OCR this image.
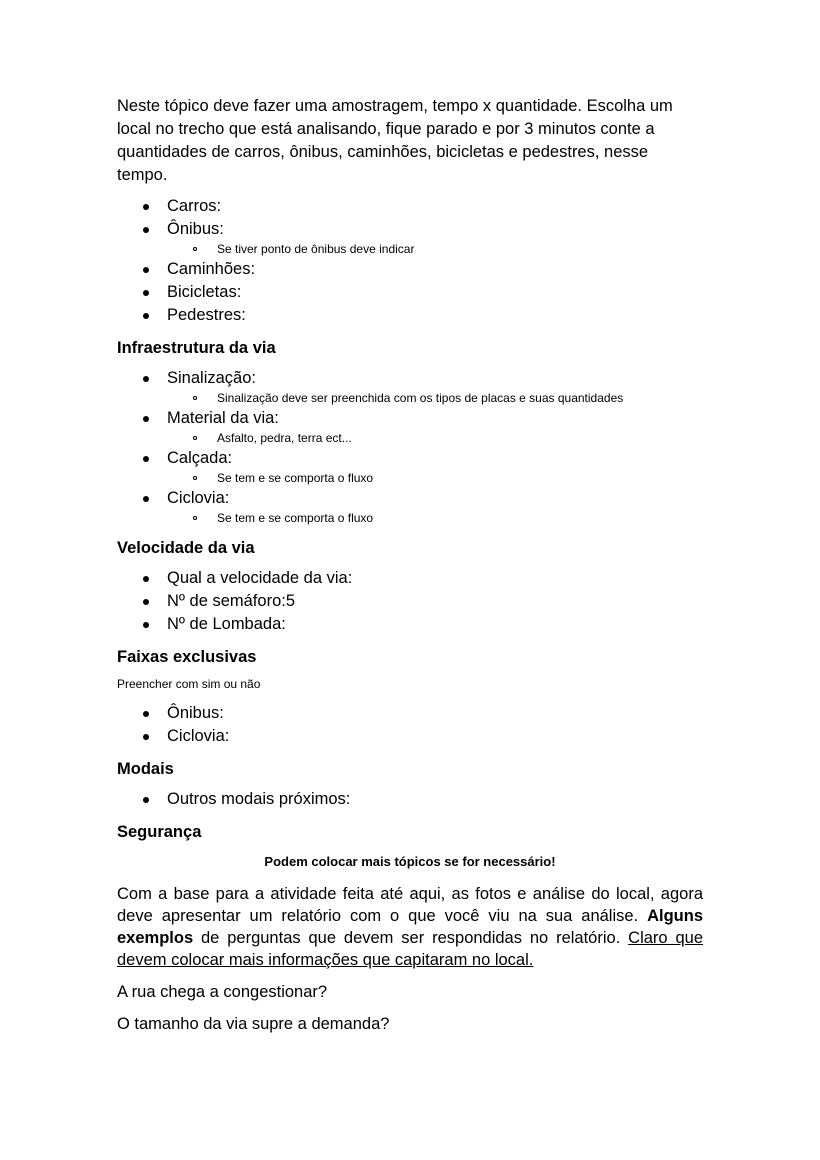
Neste tópico deve fazer uma amostragem, tempo x quantidade. Escolha um local no trecho que está analisando, fique parado e por 3 minutos conte a quantidades de carros, ônibus, caminhões, bicicletas e pedestres, nesse tempo.

Carros:
Ônibus:
Se tiver ponto de ônibus deve indicar
Caminhões:
Bicicletas:
Pedestres:

Infraestrutura da via

Sinalização:
Sinalização deve ser preenchida com os tipos de placas e suas quantidades
Material da via:
Asfalto, pedra, terra ect...
Calçada:
Se tem e se comporta o fluxo
Ciclovia:
Se tem e se comporta o fluxo

Velocidade da via

Qual a velocidade da via:
Nº de semáforo:5
Nº de Lombada:

Faixas exclusivas

Preencher com sim ou não

Ônibus:
Ciclovia:

Modais

Outros modais próximos:

Segurança

Podem colocar mais tópicos se for necessário!

Com a base para a atividade feita até aqui, as fotos e análise do local, agora deve apresentar um relatório com o que você viu na sua análise. Alguns exemplos de perguntas que devem ser respondidas no relatório. Claro que devem colocar mais informações que capitaram no local.

A rua chega a congestionar?

O tamanho da via supre a demanda?
